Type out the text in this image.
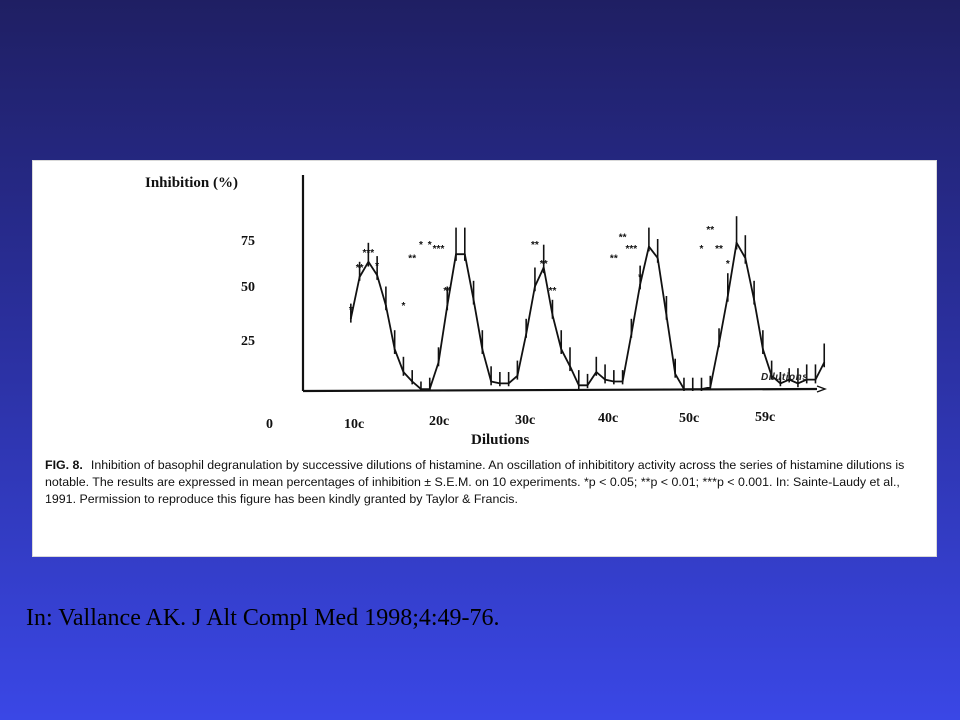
*
**
***
*
*
**
* * ***
**
**
**
**
**
**
***
*
*
**
**
*
Inhibition (%)
75
50
25
0	10c	20c	30c	40c	50c	59c
Dilutions
Dilutions
FIG. 8. Inhibition of basophil degranulation by successive dilutions of histamine. An oscillation of inhibititory activity across the series of histamine dilutions is notable. The results are expressed in mean percentages of inhibition ± S.E.M. on 10 experiments. *p < 0.05; **p < 0.01; ***p < 0.001. In: Sainte-Laudy et al., 1991. Permission to reproduce this figure has been kindly granted by Taylor & Francis.
In: Vallance AK. J Alt Compl Med 1998;4:49-76.
